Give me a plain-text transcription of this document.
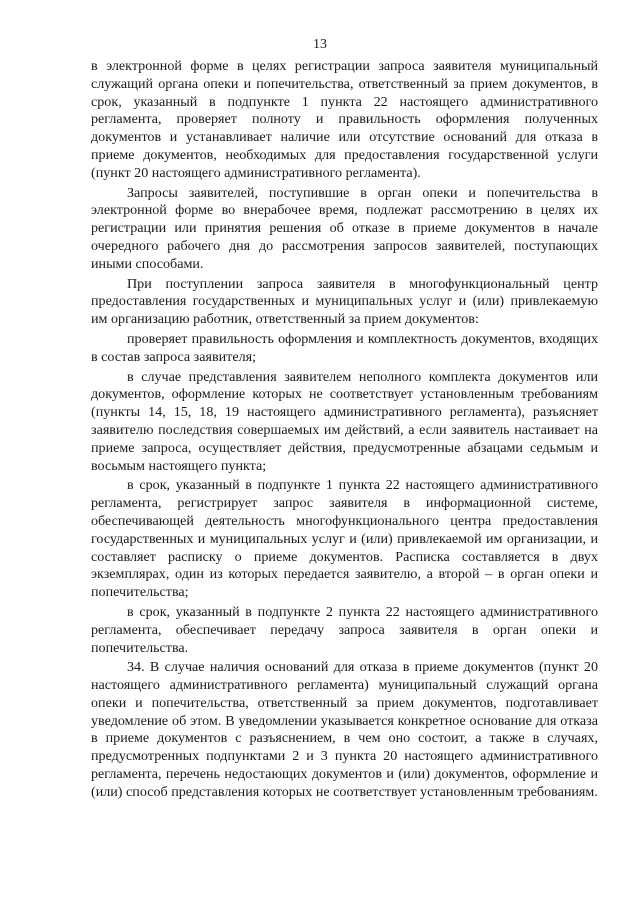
13

в электронной форме в целях регистрации запроса заявителя муниципальный служащий органа опеки и попечительства, ответственный за прием документов, в срок, указанный в подпункте 1 пункта 22 настоящего административного регламента, проверяет полноту и правильность оформления полученных документов и устанавливает наличие или отсутствие оснований для отказа в приеме документов, необходимых для предоставления государственной услуги (пункт 20 настоящего административного регламента).

Запросы заявителей, поступившие в орган опеки и попечительства в электронной форме во внерабочее время, подлежат рассмотрению в целях их регистрации или принятия решения об отказе в приеме документов в начале очередного рабочего дня до рассмотрения запросов заявителей, поступающих иными способами.

При поступлении запроса заявителя в многофункциональный центр предоставления государственных и муниципальных услуг и (или) привлекаемую им организацию работник, ответственный за прием документов:

проверяет правильность оформления и комплектность документов, входящих в состав запроса заявителя;

в случае представления заявителем неполного комплекта документов или документов, оформление которых не соответствует установленным требованиям (пункты 14, 15, 18, 19 настоящего административного регламента), разъясняет заявителю последствия совершаемых им действий, а если заявитель настаивает на приеме запроса, осуществляет действия, предусмотренные абзацами седьмым и восьмым настоящего пункта;

в срок, указанный в подпункте 1 пункта 22 настоящего административного регламента, регистрирует запрос заявителя в информационной системе, обеспечивающей деятельность многофункционального центра предоставления государственных и муниципальных услуг и (или) привлекаемой им организации, и составляет расписку о приеме документов. Расписка составляется в двух экземплярах, один из которых передается заявителю, а второй – в орган опеки и попечительства;

в срок, указанный в подпункте 2 пункта 22 настоящего административного регламента, обеспечивает передачу запроса заявителя в орган опеки и попечительства.

34. В случае наличия оснований для отказа в приеме документов (пункт 20 настоящего административного регламента) муниципальный служащий органа опеки и попечительства, ответственный за прием документов, подготавливает уведомление об этом. В уведомлении указывается конкретное основание для отказа в приеме документов с разъяснением, в чем оно состоит, а также в случаях, предусмотренных подпунктами 2 и 3 пункта 20 настоящего административного регламента, перечень недостающих документов и (или) документов, оформление и (или) способ представления которых не соответствует установленным требованиям.
